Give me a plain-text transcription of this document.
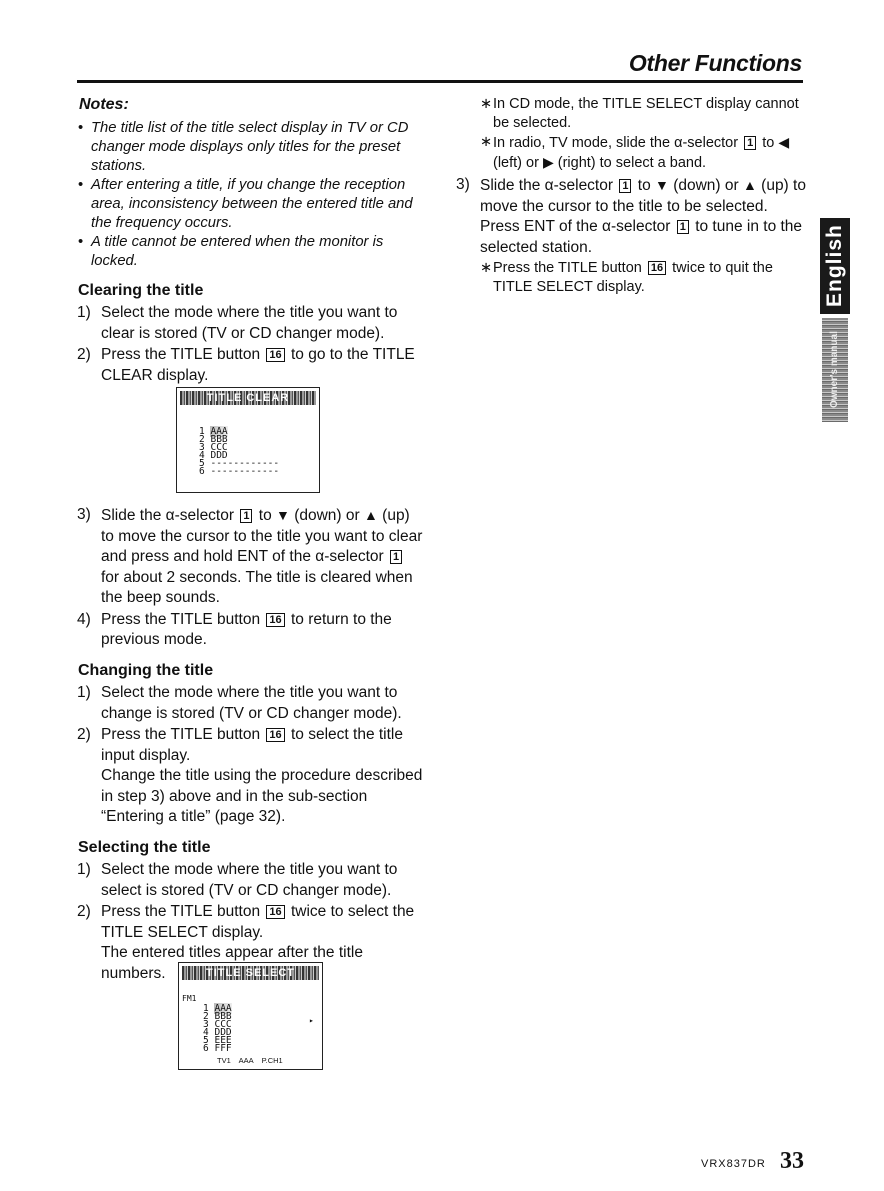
Other Functions
Notes:
• The title list of the title select display in TV or CD changer mode displays only titles for the preset stations.
• After entering a title, if you change the reception area, inconsistency between the entered title and the frequency occurs.
• A title cannot be entered when the monitor is locked.
Clearing the title
1) Select the mode where the title you want to clear is stored (TV or CD changer mode).
2) Press the TITLE button 16 to go to the TITLE CLEAR display.
3) Slide the α-selector 1 to ▼ (down) or ▲ (up) to move the cursor to the title you want to clear and press and hold ENT of the α-selector 1 for about 2 seconds. The title is cleared when the beep sounds.
4) Press the TITLE button 16 to return to the previous mode.
Changing the title
1) Select the mode where the title you want to change is stored (TV or CD changer mode).
2) Press the TITLE button 16 to select the title input display.
Change the title using the procedure described in step 3) above and in the sub-section “Entering a title” (page 32).
Selecting the title
1) Select the mode where the title you want to select is stored (TV or CD changer mode).
2) Press the TITLE button 16 twice to select the TITLE SELECT display.
The entered titles appear after the title numbers.
TITLE CLEAR
1 AAA
2 BBB
3 CCC
4 DDD
5 ------------
6 ------------
TITLE SELECT
FM1
1 AAA
2 BBB
3 CCC
4 DDD
5 EEE
6 FFF
▸
TV1    AAA    P.CH1
∗ In CD mode, the TITLE SELECT display cannot be selected.
∗ In radio, TV mode, slide the α-selector 1 to ◀ (left) or ▶ (right) to select a band.
3) Slide the α-selector 1 to ▼ (down) or ▲ (up) to move the cursor to the title to be selected. Press ENT of the α-selector 1 to tune in to the selected station.
∗ Press the TITLE button 16 twice to quit the TITLE SELECT display.	English
Owner's manual
VRX837DR 33
